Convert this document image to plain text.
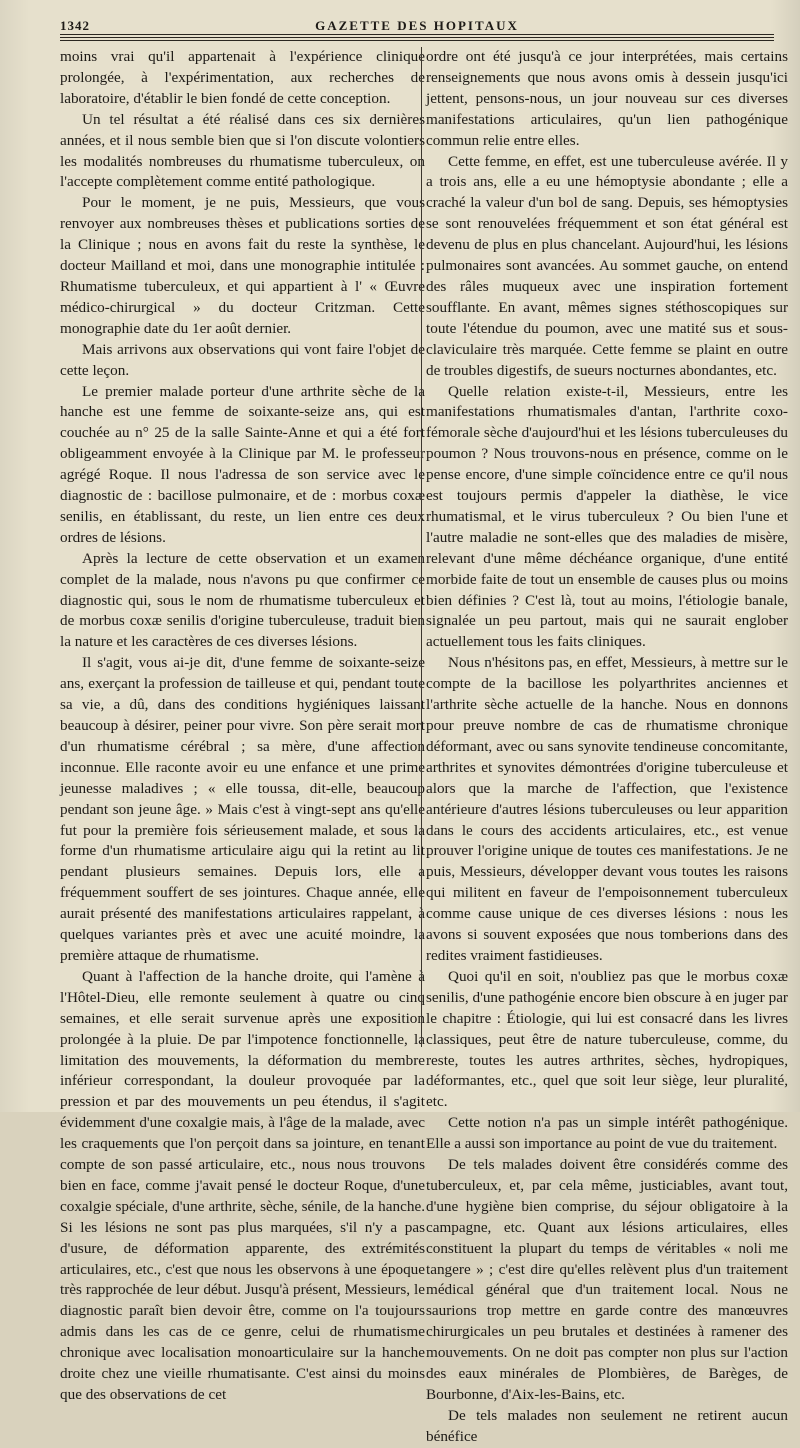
1342	GAZETTE DES HOPITAUX

moins vrai qu'il appartenait à l'expérience clinique prolongée, à l'expérimentation, aux recherches de laboratoire, d'établir le bien fondé de cette conception.

Un tel résultat a été réalisé dans ces six dernières années, et il nous semble bien que si l'on discute volontiers les modalités nombreuses du rhumatisme tuberculeux, on l'accepte complètement comme entité pathologique.

Pour le moment, je ne puis, Messieurs, que vous renvoyer aux nombreuses thèses et publications sorties de la Clinique ; nous en avons fait du reste la synthèse, le docteur Mailland et moi, dans une monographie intitulée : Rhumatisme tuberculeux, et qui appartient à l' « Œuvre médico-chirurgical » du docteur Critzman. Cette monographie date du 1er août dernier.

Mais arrivons aux observations qui vont faire l'objet de cette leçon.

Le premier malade porteur d'une arthrite sèche de la hanche est une femme de soixante-seize ans, qui est couchée au n° 25 de la salle Sainte-Anne et qui a été fort obligeamment envoyée à la Clinique par M. le professeur agrégé Roque. Il nous l'adressa de son service avec le diagnostic de : bacillose pulmonaire, et de : morbus coxæ senilis, en établissant, du reste, un lien entre ces deux ordres de lésions.

Après la lecture de cette observation et un examen complet de la malade, nous n'avons pu que confirmer ce diagnostic qui, sous le nom de rhumatisme tuberculeux et de morbus coxæ senilis d'origine tuberculeuse, traduit bien la nature et les caractères de ces diverses lésions.

Il s'agit, vous ai-je dit, d'une femme de soixante-seize ans, exerçant la profession de tailleuse et qui, pendant toute sa vie, a dû, dans des conditions hygiéniques laissant beaucoup à désirer, peiner pour vivre. Son père serait mort d'un rhumatisme cérébral ; sa mère, d'une affection inconnue. Elle raconte avoir eu une enfance et une prime jeunesse maladives ; « elle toussa, dit-elle, beaucoup pendant son jeune âge. » Mais c'est à vingt-sept ans qu'elle fut pour la première fois sérieusement malade, et sous la forme d'un rhumatisme articulaire aigu qui la retint au lit pendant plusieurs semaines. Depuis lors, elle a fréquemment souffert de ses jointures. Chaque année, elle aurait présenté des manifestations articulaires rappelant, à quelques variantes près et avec une acuité moindre, la première attaque de rhumatisme.

Quant à l'affection de la hanche droite, qui l'amène à l'Hôtel-Dieu, elle remonte seulement à quatre ou cinq semaines, et elle serait survenue après une exposition prolongée à la pluie. De par l'impotence fonctionnelle, la limitation des mouvements, la déformation du membre inférieur correspondant, la douleur provoquée par la pression et par des mouvements un peu étendus, il s'agit évidemment d'une coxalgie mais, à l'âge de la malade, avec les craquements que l'on perçoit dans sa jointure, en tenant compte de son passé articulaire, etc., nous nous trouvons bien en face, comme j'avait pensé le docteur Roque, d'une coxalgie spéciale, d'une arthrite, sèche, sénile, de la hanche. Si les lésions ne sont pas plus marquées, s'il n'y a pas d'usure, de déformation apparente, des extrémités articulaires, etc., c'est que nous les observons à une époque très rapprochée de leur début. Jusqu'à présent, Messieurs, le diagnostic paraît bien devoir être, comme on l'a toujours admis dans les cas de ce genre, celui de rhumatisme chronique avec localisation monoarticulaire sur la hanche droite chez une vieille rhumatisante. C'est ainsi du moins que des observations de cet

ordre ont été jusqu'à ce jour interprétées, mais certains renseignements que nous avons omis à dessein jusqu'ici jettent, pensons-nous, un jour nouveau sur ces diverses manifestations articulaires, qu'un lien pathogénique commun relie entre elles.

Cette femme, en effet, est une tuberculeuse avérée. Il y a trois ans, elle a eu une hémoptysie abondante ; elle a craché la valeur d'un bol de sang. Depuis, ses hémoptysies se sont renouvelées fréquemment et son état général est devenu de plus en plus chancelant. Aujourd'hui, les lésions pulmonaires sont avancées. Au sommet gauche, on entend des râles muqueux avec une inspiration fortement soufflante. En avant, mêmes signes stéthoscopiques sur toute l'étendue du poumon, avec une matité sus et sous-claviculaire très marquée. Cette femme se plaint en outre de troubles digestifs, de sueurs nocturnes abondantes, etc.

Quelle relation existe-t-il, Messieurs, entre les manifestations rhumatismales d'antan, l'arthrite coxo-fémorale sèche d'aujourd'hui et les lésions tuberculeuses du poumon ? Nous trouvons-nous en présence, comme on le pense encore, d'une simple coïncidence entre ce qu'il nous est toujours permis d'appeler la diathèse, le vice rhumatismal, et le virus tuberculeux ? Ou bien l'une et l'autre maladie ne sont-elles que des maladies de misère, relevant d'une même déchéance organique, d'une entité morbide faite de tout un ensemble de causes plus ou moins bien définies ? C'est là, tout au moins, l'étiologie banale, signalée un peu partout, mais qui ne saurait englober actuellement tous les faits cliniques.

Nous n'hésitons pas, en effet, Messieurs, à mettre sur le compte de la bacillose les polyarthrites anciennes et l'arthrite sèche actuelle de la hanche. Nous en donnons pour preuve nombre de cas de rhumatisme chronique déformant, avec ou sans synovite tendineuse concomitante, arthrites et synovites démontrées d'origine tuberculeuse et alors que la marche de l'affection, que l'existence antérieure d'autres lésions tuberculeuses ou leur apparition dans le cours des accidents articulaires, etc., est venue prouver l'origine unique de toutes ces manifestations. Je ne puis, Messieurs, développer devant vous toutes les raisons qui militent en faveur de l'empoisonnement tuberculeux comme cause unique de ces diverses lésions : nous les avons si souvent exposées que nous tomberions dans des redites vraiment fastidieuses.

Quoi qu'il en soit, n'oubliez pas que le morbus coxæ senilis, d'une pathogénie encore bien obscure à en juger par le chapitre : Étiologie, qui lui est consacré dans les livres classiques, peut être de nature tuberculeuse, comme, du reste, toutes les autres arthrites, sèches, hydropiques, déformantes, etc., quel que soit leur siège, leur pluralité, etc.

Cette notion n'a pas un simple intérêt pathogénique. Elle a aussi son importance au point de vue du traitement.

De tels malades doivent être considérés comme des tuberculeux, et, par cela même, justiciables, avant tout, d'une hygiène bien comprise, du séjour obligatoire à la campagne, etc. Quant aux lésions articulaires, elles constituent la plupart du temps de véritables « noli me tangere » ; c'est dire qu'elles relèvent plus d'un traitement médical général que d'un traitement local. Nous ne saurions trop mettre en garde contre des manœuvres chirurgicales un peu brutales et destinées à ramener des mouvements. On ne doit pas compter non plus sur l'action des eaux minérales de Plombières, de Barèges, de Bourbonne, d'Aix-les-Bains, etc.

De tels malades non seulement ne retirent aucun bénéfice
